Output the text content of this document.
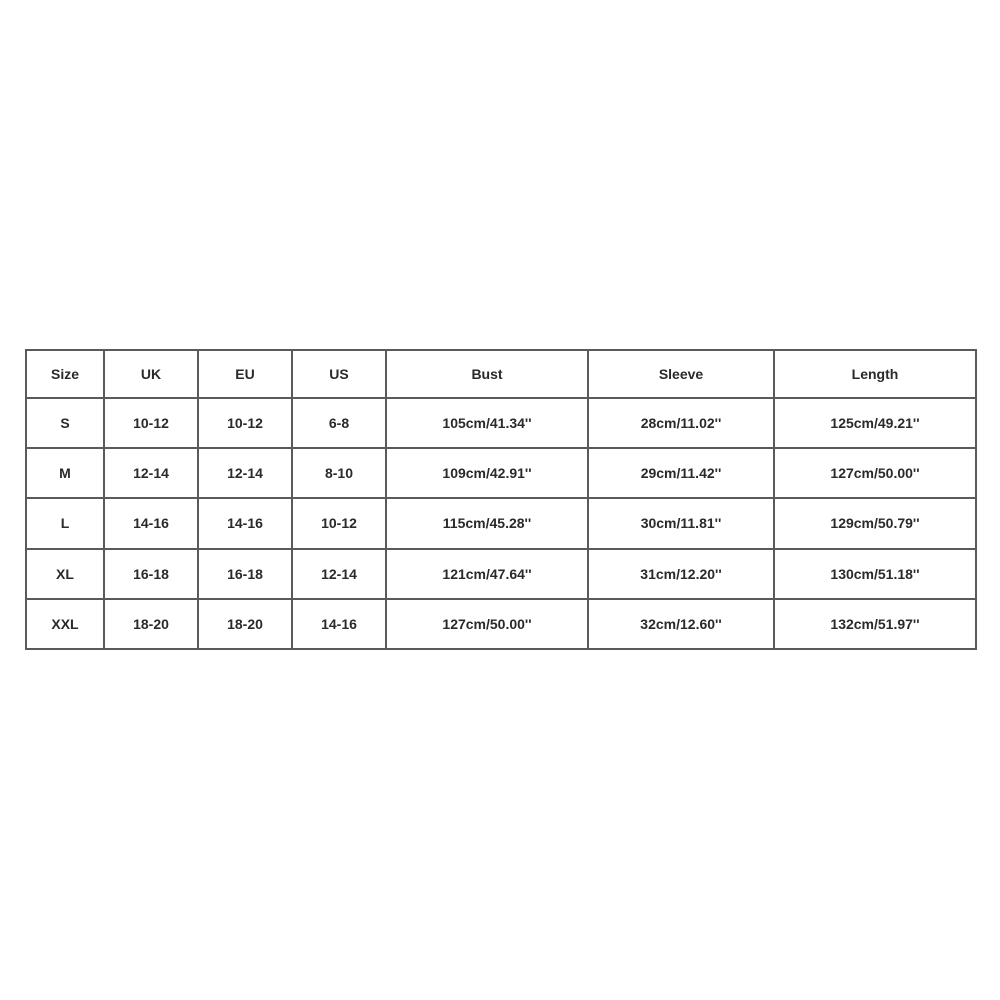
Size	UK	EU	US	Bust	Sleeve	Length
S	10-12	10-12	6-8	105cm/41.34''	28cm/11.02''	125cm/49.21''
M	12-14	12-14	8-10	109cm/42.91''	29cm/11.42''	127cm/50.00''
L	14-16	14-16	10-12	115cm/45.28''	30cm/11.81''	129cm/50.79''
XL	16-18	16-18	12-14	121cm/47.64''	31cm/12.20''	130cm/51.18''
XXL	18-20	18-20	14-16	127cm/50.00''	32cm/12.60''	132cm/51.97''
